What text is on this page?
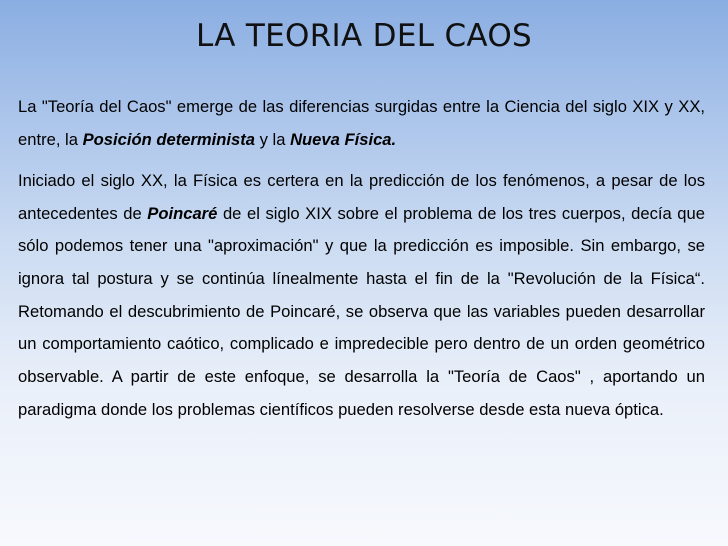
LA TEORIA DEL CAOS

La "Teoría del Caos" emerge de las diferencias surgidas entre la Ciencia del siglo XIX y XX, entre, la Posición determinista y la Nueva Física.

Iniciado el siglo XX, la Física es certera en la predicción de los fenómenos, a pesar de los antecedentes de Poincaré de el siglo XIX sobre el problema de los tres cuerpos, decía que sólo podemos tener una "aproximación" y que la predicción es imposible. Sin embargo, se ignora tal postura y se continúa línealmente hasta el fin de la "Revolución de la Física“. Retomando el descubrimiento de Poincaré, se observa que las variables pueden desarrollar un comportamiento caótico, complicado e impredecible pero dentro de un orden geométrico observable. A partir de este enfoque, se desarrolla la "Teoría de Caos" , aportando un paradigma donde los problemas científicos pueden resolverse desde esta nueva óptica.
